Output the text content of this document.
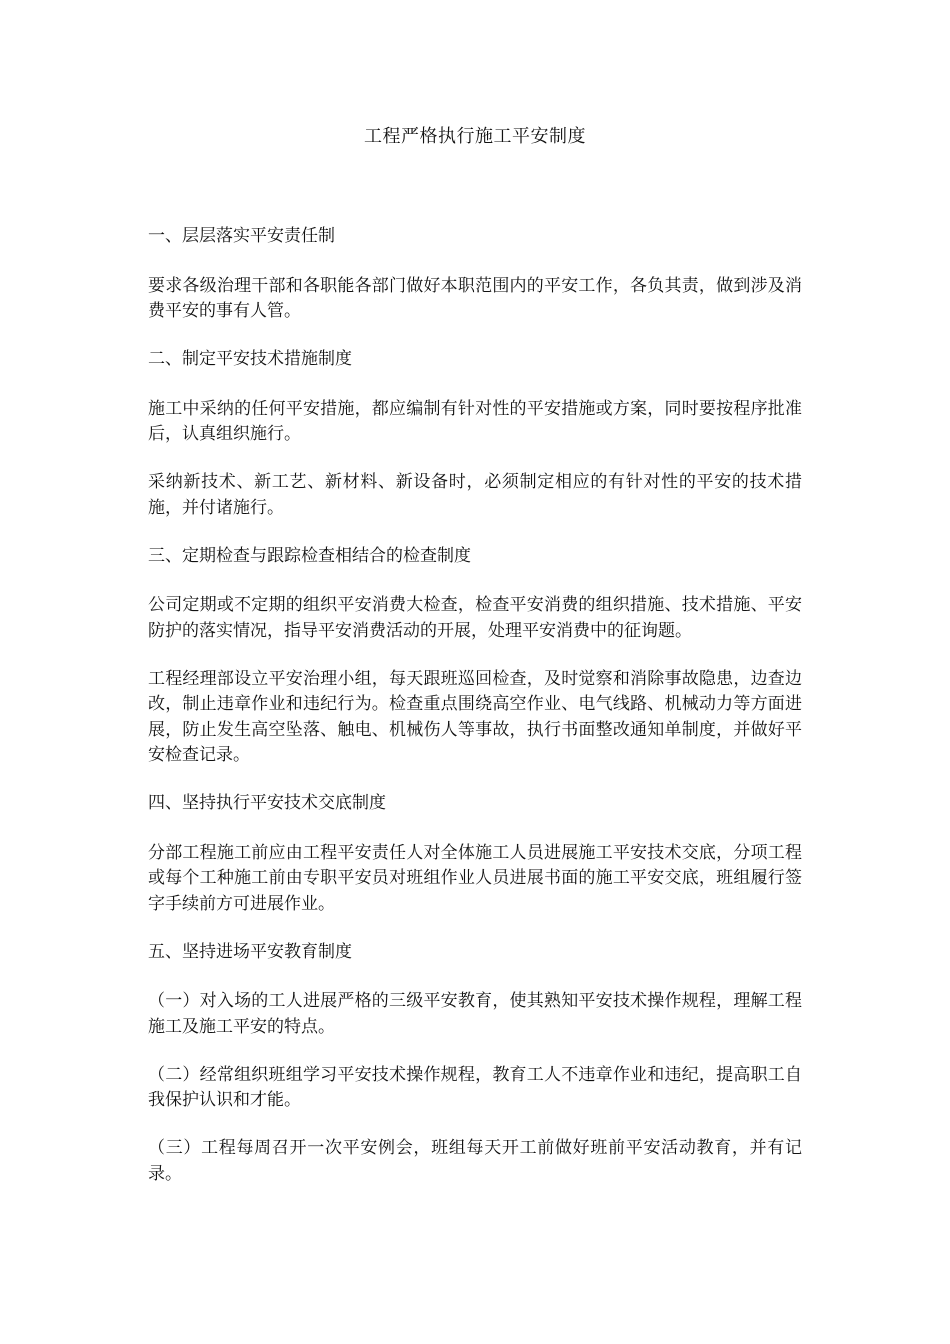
工程严格执行施工平安制度
一、层层落实平安责任制
要求各级治理干部和各职能各部门做好本职范围内的平安工作，各负其责，做到涉及消费平安的事有人管。
二、制定平安技术措施制度
施工中采纳的任何平安措施，都应编制有针对性的平安措施或方案，同时要按程序批准后，认真组织施行。
采纳新技术、新工艺、新材料、新设备时，必须制定相应的有针对性的平安的技术措施，并付诸施行。
三、定期检查与跟踪检查相结合的检查制度
公司定期或不定期的组织平安消费大检查，检查平安消费的组织措施、技术措施、平安防护的落实情况，指导平安消费活动的开展，处理平安消费中的征询题。
工程经理部设立平安治理小组，每天跟班巡回检查，及时觉察和消除事故隐患，边查边改，制止违章作业和违纪行为。检查重点围绕高空作业、电气线路、机械动力等方面进展，防止发生高空坠落、触电、机械伤人等事故，执行书面整改通知单制度，并做好平安检查记录。
四、坚持执行平安技术交底制度
分部工程施工前应由工程平安责任人对全体施工人员进展施工平安技术交底，分项工程或每个工种施工前由专职平安员对班组作业人员进展书面的施工平安交底，班组履行签字手续前方可进展作业。
五、坚持进场平安教育制度
（一）对入场的工人进展严格的三级平安教育，使其熟知平安技术操作规程，理解工程施工及施工平安的特点。
（二）经常组织班组学习平安技术操作规程，教育工人不违章作业和违纪，提高职工自我保护认识和才能。
（三）工程每周召开一次平安例会，班组每天开工前做好班前平安活动教育，并有记录。
